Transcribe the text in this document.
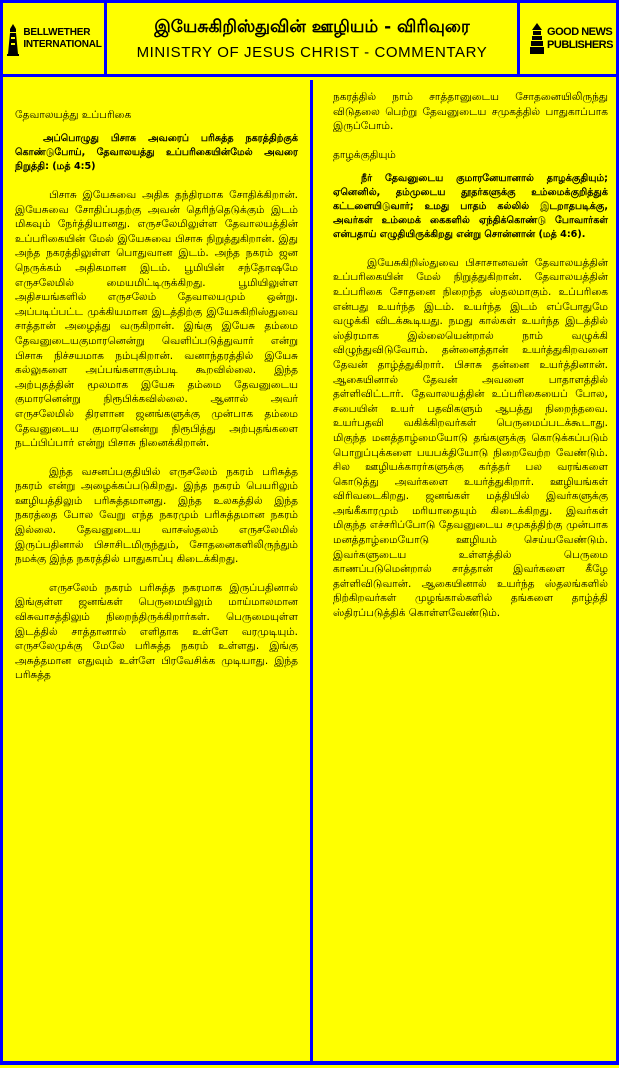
BELLWETHER
INTERNATIONAL
இயேசுகிறிஸ்துவின் ஊழியம் - விரிவுரை
MINISTRY OF JESUS CHRIST - COMMENTARY
GOOD NEWS
PUBLISHERS
தேவாலயத்து உப்பரிகை

அப்பொழுது பிசாசு அவரைப் பரிசுத்த நகரத்திற்குக் கொண்டுபோய், தேவாலயத்து உப்பரிகையின்மேல் அவரை நிறுத்தி: (மத் 4:5)

பிசாசு இயேசுவை அதிக தந்திரமாக சோதிக்கிறான். இயேசுவை சோதிப்பதற்கு அவன் தெரிந்தெடுக்கும் இடம் மிகவும் நேர்த்தியானது. எருசலேமிலுள்ள தேவாலயத்தின் உப்பரிகையின் மேல் இயேசுவை பிசாசு நிறுத்துகிறான். இது அந்த நகரத்திலுள்ள பொதுவான இடம். அந்த நகரம் ஜன நெருக்கம் அதிகமான இடம். பூமியின் சந்தோஷமே எருசலேமில் மையமிட்டிருக்கிறது. பூமியிலுள்ள அதிசயங்களில் எருசலேம் தேவாலயமும் ஒன்று. அப்படிப்பட்ட முக்கியமான இடத்திற்கு இயேசுகிறிஸ்துவை சாத்தான் அழைத்து வருகிறான். இங்கு இயேசு தம்மை தேவனுடையகுமாரனென்று வெளிப்படுத்துவார் என்று பிசாசு நிச்சயமாக நம்புகிறான். வனாந்தரத்தில் இயேசு கல்லுகளை அப்பங்களாகும்படி கூறவில்லை. இந்த அற்புதத்தின் மூலமாக இயேசு தம்மை தேவனுடைய குமாரனென்று நிரூபிக்கவில்லை. ஆனால் அவர் எருசலேமில் திரளான ஜனங்களுக்கு முன்பாக தம்மை தேவனுடைய குமாரனென்று நிரூபித்து அற்புதங்களை நடப்பிப்பார் என்று பிசாசு நினைக்கிறான்.

இந்த வசனப்பகுதியில் எருசலேம் நகரம் பரிசுத்த நகரம் என்று அழைக்கப்படுகிறது. இந்த நகரம் பெயரிலும் ஊழியத்திலும் பரிசுத்தமானது. இந்த உலகத்தில் இந்த நகரத்தை போல வேறு எந்த நகரமும் பரிசுத்தமான நகரம் இல்லை. தேவனுடைய வாசஸ்தலம் எருசலேமில் இருப்பதினால் பிசாசிடமிருந்தும், சோதனைகளிலிருந்தும் நமக்கு இந்த நகரத்தில் பாதுகாப்பு கிடைக்கிறது.

எருசலேம் நகரம் பரிசுத்த நகரமாக இருப்பதினால் இங்குள்ள ஜனங்கள் பெருமையிலும் மாய்மாலமான விசுவாசத்திலும் நிறைந்திருக்கிறார்கள். பெருமையுள்ள இடத்தில் சாத்தானால் எளிதாக உள்ளே வரமுடியும். எருசலேமுக்கு மேலே பரிசுத்த நகரம் உள்ளது. இங்கு அசுத்தமான எதுவும் உள்ளே பிரவேசிக்க முடியாது. இந்த பரிசுத்த

நகரத்தில் நாம் சாத்தானுடைய சோதனையிலிருந்து விடுதலை பெற்று தேவனுடைய சமுகத்தில் பாதுகாப்பாக இருப்போம்.

தாழக்குதியும்

நீர் தேவனுடைய குமாரனேயானால் தாழக்குதியும்; ஏனெனில், தம்முடைய தூதர்களுக்கு உம்மைக்குறித்துக் கட்டளையிடுவார்; உமது பாதம் கல்லில் இடறாதபடிக்கு, அவர்கள் உம்மைக் கைகளில் ஏந்திக்கொண்டு போவார்கள் என்பதாய் எழுதியிருக்கிறது என்று சொன்னான் (மத் 4:6).

இயேசுகிறிஸ்துவை பிசாசானவன் தேவாலயத்தின் உப்பரிகையின் மேல் நிறுத்துகிறான். தேவாலயத்தின் உப்பரிகை சோதனை நிறைந்த ஸ்தலமாகும். உப்பரிகை என்பது உயர்ந்த இடம். உயர்ந்த இடம் எப்போதுமே வழுக்கி விடக்கூடியது. நமது கால்கள் உயர்ந்த இடத்தில் ஸ்திரமாக இல்லையென்றால் நாம் வழுக்கி விழுந்துவிடுவோம். தன்னைத்தான் உயர்த்துகிறவனை தேவன் தாழ்த்துகிறார். பிசாசு தன்னை உயர்த்தினான். ஆகையினால் தேவன் அவனை பாதாளத்தில் தள்ளிவிட்டார். தேவாலயத்தின் உப்பரிகையைப் போல, சபையின் உயர் பதவிகளும் ஆபத்து நிறைந்தவை. உயர்பதவி வகிக்கிறவர்கள் பெருமைப்படக்கூடாது. மிகுந்த மனத்தாழ்மையோடு தங்களுக்கு கொடுக்கப்படும் பொறுப்புக்களை பயபக்தியோடு நிறைவேற்ற வேண்டும். சில ஊழியக்காரர்களுக்கு கர்த்தர் பல வரங்களை கொடுத்து அவர்களை உயர்த்துகிறார். ஊழியங்கள் விரிவடைகிறது. ஜனங்கள் மத்தியில் இவர்களுக்கு அங்கீகாரமும் மரியாதையும் கிடைக்கிறது. இவர்கள் மிகுந்த எச்சரிப்போடு தேவனுடைய சமுகத்திற்கு முன்பாக மனத்தாழ்மையோடு ஊழியம் செய்யவேண்டும். இவர்களுடைய உள்ளத்தில் பெருமை காணப்படுமென்றால் சாத்தான் இவர்களை கீழே தள்ளிவிடுவான். ஆகையினால் உயர்ந்த ஸ்தலங்களில் நிற்கிறவர்கள் முழங்கால்களில் தங்களை தாழ்த்தி ஸ்திரப்படுத்திக் கொள்ளவேண்டும்.
